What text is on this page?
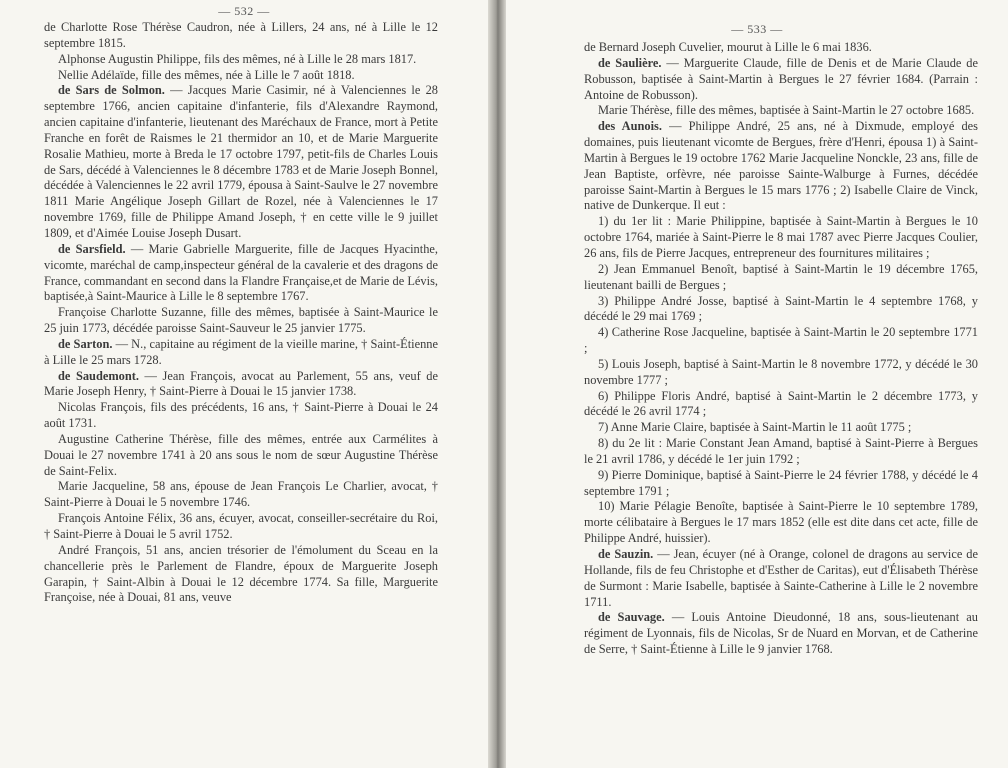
— 532 —

de Charlotte Rose Thérèse Caudron, née à Lillers, 24 ans, né à Lille le 12 septembre 1815.

Alphonse Augustin Philippe, fils des mêmes, né à Lille le 28 mars 1817.

Nellie Adélaïde, fille des mêmes, née à Lille le 7 août 1818.

de Sars de Solmon. — Jacques Marie Casimir, né à Valenciennes le 28 septembre 1766, ancien capitaine d'infanterie, fils d'Alexandre Raymond, ancien capitaine d'infanterie, lieutenant des Maréchaux de France, mort à Petite Franche en forêt de Raismes le 21 thermidor an 10, et de Marie Marguerite Rosalie Mathieu, morte à Breda le 17 octobre 1797, petit-fils de Charles Louis de Sars, décédé à Valenciennes le 8 décembre 1783 et de Marie Joseph Bonnel, décédée à Valenciennes le 22 avril 1779, épousa à Saint-Saulve le 27 novembre 1811 Marie Angélique Joseph Gillart de Rozel, née à Valenciennes le 17 novembre 1769, fille de Philippe Amand Joseph, † en cette ville le 9 juillet 1809, et d'Aimée Louise Joseph Dusart.

de Sarsfield. — Marie Gabrielle Marguerite, fille de Jacques Hyacinthe, vicomte, maréchal de camp,inspecteur général de la cavalerie et des dragons de France, commandant en second dans la Flandre Française,et de Marie de Lévis, baptisée,à Saint-Maurice à Lille le 8 septembre 1767.

Françoise Charlotte Suzanne, fille des mêmes, baptisée à Saint-Maurice le 25 juin 1773, décédée paroisse Saint-Sauveur le 25 janvier 1775.

de Sarton. — N., capitaine au régiment de la vieille marine, † Saint-Étienne à Lille le 25 mars 1728.

de Saudemont. — Jean François, avocat au Parlement, 55 ans, veuf de Marie Joseph Henry, † Saint-Pierre à Douai le 15 janvier 1738.

Nicolas François, fils des précédents, 16 ans, † Saint-Pierre à Douai le 24 août 1731.

Augustine Catherine Thérèse, fille des mêmes, entrée aux Carmélites à Douai le 27 novembre 1741 à 20 ans sous le nom de sœur Augustine Thérèse de Saint-Felix.

Marie Jacqueline, 58 ans, épouse de Jean François Le Charlier, avocat, † Saint-Pierre à Douai le 5 novembre 1746.

François Antoine Félix, 36 ans, écuyer, avocat, conseiller-secrétaire du Roi, † Saint-Pierre à Douai le 5 avril 1752.

André François, 51 ans, ancien trésorier de l'émolument du Sceau en la chancellerie près le Parlement de Flandre, époux de Marguerite Joseph Garapin, † Saint-Albin à Douai le 12 décembre 1774. Sa fille, Marguerite Françoise, née à Douai, 81 ans, veuve

— 533 —

de Bernard Joseph Cuvelier, mourut à Lille le 6 mai 1836.

de Saulière. — Marguerite Claude, fille de Denis et de Marie Claude de Robusson, baptisée à Saint-Martin à Bergues le 27 février 1684. (Parrain : Antoine de Robusson).

Marie Thérèse, fille des mêmes, baptisée à Saint-Martin le 27 octobre 1685.

des Aunois. — Philippe André, 25 ans, né à Dixmude, employé des domaines, puis lieutenant vicomte de Bergues, frère d'Henri, épousa 1) à Saint-Martin à Bergues le 19 octobre 1762 Marie Jacqueline Nonckle, 23 ans, fille de Jean Baptiste, orfèvre, née paroisse Sainte-Walburge à Furnes, décédée paroisse Saint-Martin à Bergues le 15 mars 1776 ; 2) Isabelle Claire de Vinck, native de Dunkerque. Il eut :

1) du 1er lit : Marie Philippine, baptisée à Saint-Martin à Bergues le 10 octobre 1764, mariée à Saint-Pierre le 8 mai 1787 avec Pierre Jacques Coulier, 26 ans, fils de Pierre Jacques, entrepreneur des fournitures militaires ;

2) Jean Emmanuel Benoît, baptisé à Saint-Martin le 19 décembre 1765, lieutenant bailli de Bergues ;

3) Philippe André Josse, baptisé à Saint-Martin le 4 septembre 1768, y décédé le 29 mai 1769 ;

4) Catherine Rose Jacqueline, baptisée à Saint-Martin le 20 septembre 1771 ;

5) Louis Joseph, baptisé à Saint-Martin le 8 novembre 1772, y décédé le 30 novembre 1777 ;

6) Philippe Floris André, baptisé à Saint-Martin le 2 décembre 1773, y décédé le 26 avril 1774 ;

7) Anne Marie Claire, baptisée à Saint-Martin le 11 août 1775 ;

8) du 2e lit : Marie Constant Jean Amand, baptisé à Saint-Pierre à Bergues le 21 avril 1786, y décédé le 1er juin 1792 ;

9) Pierre Dominique, baptisé à Saint-Pierre le 24 février 1788, y décédé le 4 septembre 1791 ;

10) Marie Pélagie Benoîte, baptisée à Saint-Pierre le 10 septembre 1789, morte célibataire à Bergues le 17 mars 1852 (elle est dite dans cet acte, fille de Philippe André, huissier).

de Sauzin. — Jean, écuyer (né à Orange, colonel de dragons au service de Hollande, fils de feu Christophe et d'Esther de Caritas), eut d'Élisabeth Thérèse de Surmont : Marie Isabelle, baptisée à Sainte-Catherine à Lille le 2 novembre 1711.

de Sauvage. — Louis Antoine Dieudonné, 18 ans, sous-lieutenant au régiment de Lyonnais, fils de Nicolas, Sr de Nuard en Morvan, et de Catherine de Serre, † Saint-Étienne à Lille le 9 janvier 1768.
